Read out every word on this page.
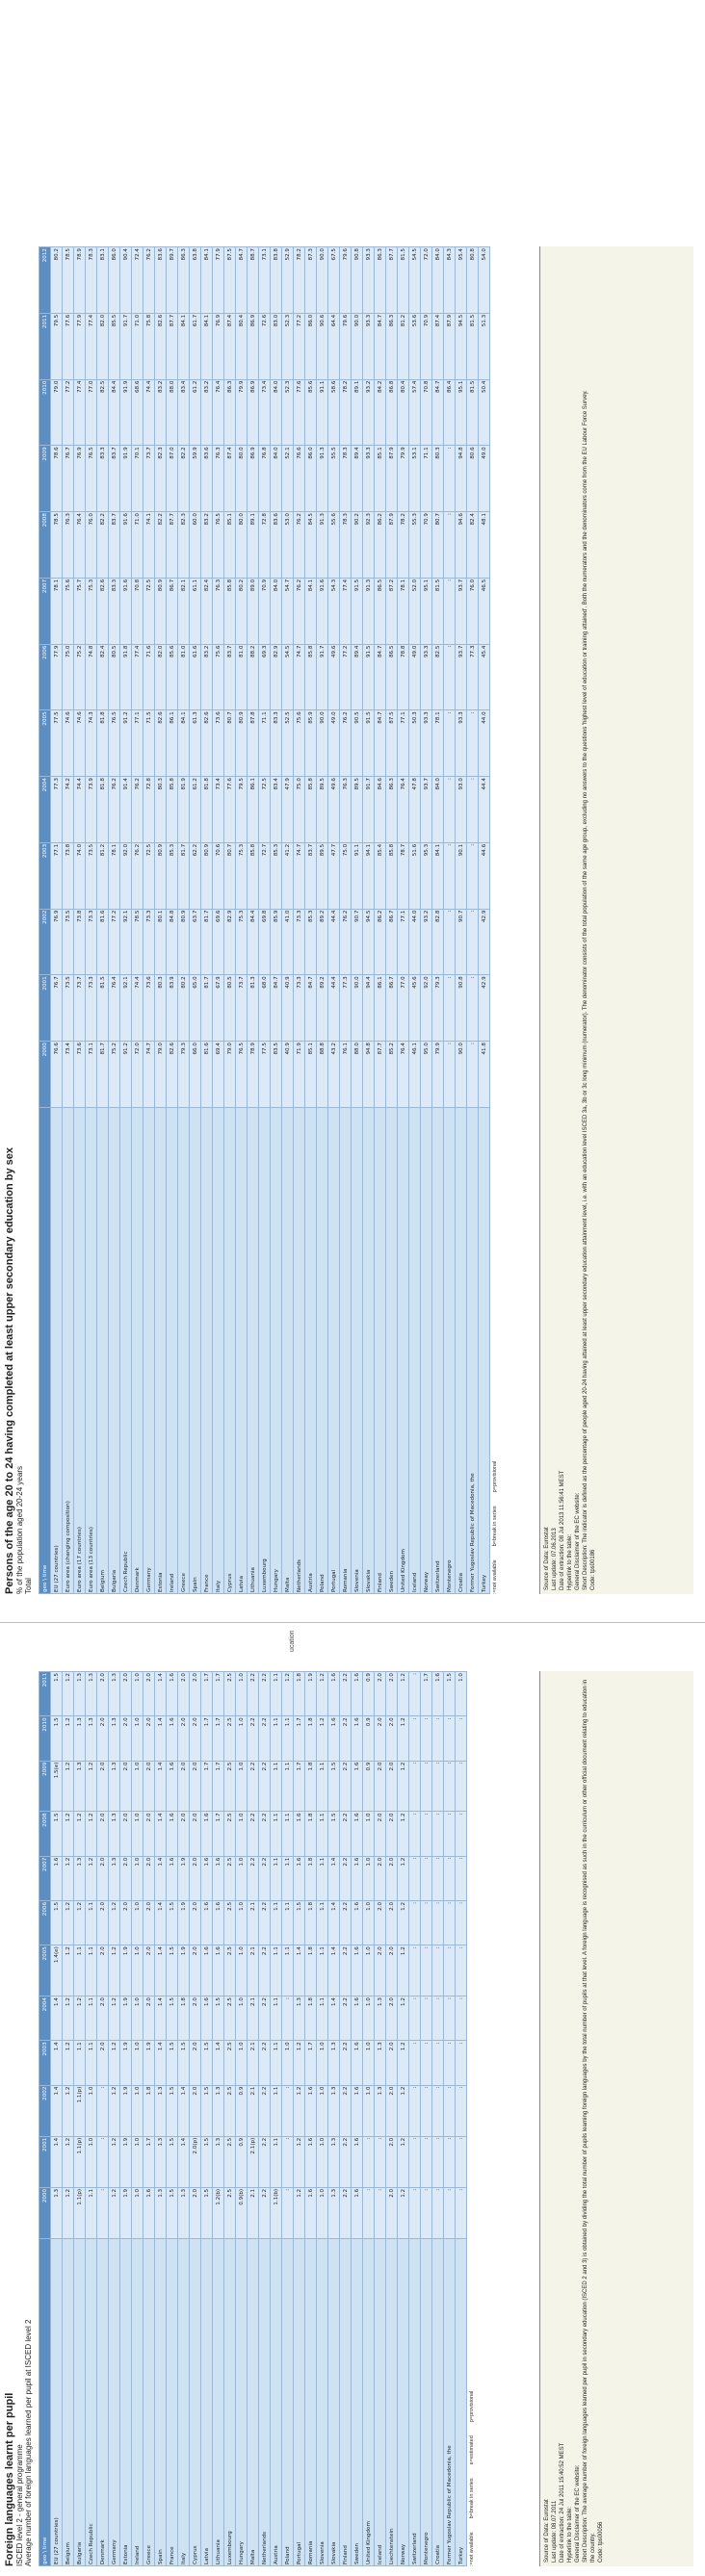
Foreign languages learnt per pupil ISCED level 2 - general programme Average number of foreign languages learned per pupil at ISCED level 2 geo \ time	2000	2001	2002	2003	2004	2005	2006	2007	2008	2009	2010	2011
EU (27 countries)	1.3	1.4	1.4	1.4	1.4	1.4(e)	1.5	1.6	1.5	1.5(e)	1.5	1.5
Belgium	1.2	1.2	1.2	1.2	1.2	1.2	1.2	1.2	1.2	1.2	1.2	1.2
Bulgaria	1.1(p)	1.1(p)	1.1(p)	1.1	1.2	1.1	1.2	1.3	1.2	1.3	1.3	1.3
Czech Republic	1.1	1.0	1.0	1.1	1.1	1.1	1.1	1.2	1.2	1.2	1.3	1.3
Denmark	:	:	:	2.0	2.0	2.0	2.0	2.0	2.0	2.0	2.0	2.0
Germany	1.2	1.2	1.2	1.2	1.2	1.2	1.2	1.3	1.3	1.3	1.3	1.3
Estonia	1.9	1.9	1.9	1.9	1.9	1.9	2.0	2.0	2.0	2.0	2.0	2.0
Ireland	1.0	1.0	1.0	1.0	1.0	1.0	1.0	1.0	1.0	1.0	1.0	1.0
Greece	1.6	1.7	1.8	1.9	2.0	2.0	2.0	2.0	2.0	2.0	2.0	2.0
Spain	1.3	1.3	1.3	1.4	1.4	1.4	1.4	1.4	1.4	1.4	1.4	1.4
France	1.5	1.5	1.5	1.5	1.5	1.5	1.5	1.6	1.6	1.6	1.6	1.6
Italy	1.3	1.4	1.4	1.5	1.8	1.9	1.9	1.9	2.0	2.0	2.0	2.0
Cyprus	2.0	2.0(p)	2.0	2.0	2.0	2.0	2.0	2.0	2.0	2.0	2.0	2.0
Latvia	1.5	1.5	1.5	1.5	1.6	1.6	1.6	1.6	1.6	1.7	1.7	1.7
Lithuania	1.2(b)	1.3	1.3	1.4	1.5	1.6	1.6	1.6	1.7	1.7	1.7	1.7
Luxembourg	2.5	2.5	2.5	2.5	2.5	2.5	2.5	2.5	2.5	2.5	2.5	2.5
Hungary	0.9(b)	0.9	0.9	1.0	1.0	1.0	1.0	1.0	1.0	1.0	1.0	1.0
Malta	2.1	2.1(p)	2.1	2.1	2.1	2.1	2.1	2.2	2.2	2.2	2.2	2.2
Netherlands	2.2	2.2	2.2	2.2	2.2	2.2	2.2	2.2	2.2	2.2	2.2	2.2
Austria	1.1(b)	1.1	1.1	1.1	1.1	1.1	1.1	1.1	1.1	1.1	1.1	1.1
Poland	:	:	:	1.0	:	1.1	1.1	1.1	1.1	1.1	1.1	1.2
Portugal	1.2	1.2	1.2	1.2	1.3	1.4	1.5	1.6	1.6	1.7	1.7	1.8
Romania	1.6	1.6	1.6	1.7	1.8	1.8	1.8	1.8	1.8	1.8	1.8	1.9
Slovenia	1.0	1.0	1.0	1.0	1.1	1.1	1.1	1.1	1.1	1.1	1.2	1.2
Slovakia	1.3	1.3	1.3	1.3	1.4	1.4	1.4	1.4	1.5	1.5	1.6	1.6
Finland	2.2	2.2	2.2	2.2	2.2	2.2	2.2	2.2	2.2	2.2	2.2	2.2
Sweden	1.6	1.6	1.6	1.6	1.6	1.6	1.6	1.6	1.6	1.6	1.6	1.6
United Kingdom	:	:	1.0	1.0	1.0	1.0	1.0	1.0	1.0	0.9	0.9	0.9
Iceland	:	:	1.3	1.3	1.3	2.0	2.0	2.0	2.0	2.0	2.0	2.0
Liechtenstein	2.0	2.0	2.0	2.0	2.0	2.0	2.0	2.0	2.0	2.0	2.0	2.0
Norway	1.2	1.2	1.2	1.2	1.2	1.2	1.2	1.2	1.2	1.2	1.2	1.2
Switzerland	:	:	:	:	:	:	:	:	:	:	:	:
Montenegro	:	:	:	:	:	:	:	:	:	:	:	1.7
Croatia	:	:	:	:	:	:	:	:	:	:	:	1.6
Former Yugoslav Republic of Macedonia, the	:	:	:	:	:	:	:	:	:	:	:	1.5
Turkey	:	:	:	:	:	:	:	:	:	:	:	1.0
:=not availableb=break in seriese=estimatedp=provisional

Source of Data: Eurostat Last update: 08.07.2011 Date of extraction: 24 Jul 2011 15:40:52 MEST Hyperlink to the table: General Disclaimer of the EC website: Short Description: The average number of foreign languages learned per pupil in secondary education (ISCED 2 and 3) is obtained by dividing the total number of pupils learning foreign languages by the total number of pupils at that level. A foreign language is recognised as such in the curriculum or other official document relating to education in the country. Code: tps00056

ucation

Persons of the age 20 to 24 having completed at least upper secondary education by sex % of the population aged 20-24 years Total geo \ time	2000	2001	2002	2003	2004	2005	2006	2007	2008	2009	2010	2011	2012
EU (27 countries)	76.6	76.7	76.9	77.1	77.3	77.5	77.9	78.1	78.5	78.6	79.0	79.5	80.2
Euro area (changing composition)	73.4	73.5	73.5	73.8	74.2	74.6	75.0	75.6	76.3	76.7	77.2	77.6	78.5
Euro area (17 countries)	73.6	73.7	73.8	74.0	74.4	74.6	75.2	75.7	76.4	76.9	77.4	77.9	78.9
Euro area (13 countries)	73.1	73.3	73.3	73.5	73.9	74.3	74.8	75.3	76.0	76.5	77.0	77.4	78.3
Belgium	81.7	81.5	81.6	81.2	81.8	81.8	82.4	82.6	82.2	83.3	82.5	82.0	83.1
Bulgaria	75.2	76.4	77.2	78.1	76.2	76.5	80.5	83.3	83.7	83.7	84.4	85.5	86.0
Czech Republic	91.2	92.1	92.1	92.0	91.4	91.2	91.8	91.6	91.6	91.9	91.9	91.7	90.4
Denmark	72.0	74.4	78.5	76.2	76.2	77.1	77.4	70.8	71.0	70.1	68.6	71.0	72.4
Germany	74.7	73.6	73.3	72.5	72.8	71.5	71.6	72.5	74.1	73.7	74.4	75.8	76.2
Estonia	79.0	80.3	80.1	80.9	80.3	82.6	82.0	80.9	82.2	82.3	83.2	82.6	83.6
Ireland	82.6	83.9	84.8	85.3	85.8	86.1	85.6	86.7	87.7	87.0	88.0	87.7	89.7
Greece	79.3	80.2	80.9	81.7	81.9	84.1	81.0	82.1	82.3	82.2	83.4	84.1	86.3
Spain	66.0	65.0	63.7	62.2	61.2	61.3	61.6	61.1	60.0	59.9	61.2	61.7	63.8
France	81.6	81.7	81.7	80.9	81.8	82.6	83.2	82.4	83.2	83.6	83.2	84.1	84.1
Italy	69.4	67.9	69.6	70.6	73.4	73.6	75.6	76.3	76.5	76.3	76.4	76.9	77.9
Cyprus	79.0	80.5	82.9	80.7	77.6	80.7	83.7	85.8	85.1	87.4	86.3	87.4	87.5
Latvia	76.5	73.7	75.3	75.3	79.5	80.9	81.0	80.2	80.0	80.0	79.9	80.4	84.7
Lithuania	78.9	81.3	84.4	85.8	86.1	87.8	88.2	89.0	89.1	86.9	86.9	86.9	88.7
Luxembourg	77.5	68.0	69.8	72.7	72.5	71.1	69.3	70.9	72.8	76.8	73.4	72.6	73.1
Hungary	83.5	84.7	85.9	85.3	83.4	83.3	82.9	84.0	83.6	84.0	84.0	83.0	83.8
Malta	40.9	40.9	41.0	41.2	47.9	52.5	54.5	54.7	53.0	52.1	52.3	52.3	52.9
Netherlands	71.9	73.3	73.3	74.7	75.0	75.6	74.7	76.2	76.2	76.6	77.6	77.2	78.2
Austria	85.1	84.7	85.3	83.7	85.8	85.9	85.8	84.1	84.5	86.0	85.6	86.0	87.3
Poland	88.8	89.2	89.2	89.5	89.5	90.0	91.7	91.6	91.3	91.3	91.1	90.6	90.0
Portugal	43.2	44.4	44.4	47.7	49.6	49.0	49.6	54.3	55.6	55.5	58.6	64.4	67.5
Romania	76.1	77.3	76.2	75.0	76.3	76.2	77.2	77.4	78.3	78.3	78.2	79.6	79.6
Slovenia	88.0	90.0	90.7	91.1	89.5	90.5	89.4	91.5	90.2	89.4	89.1	90.0	90.8
Slovakia	94.8	94.4	94.5	94.1	91.7	91.5	91.5	91.3	92.3	93.3	93.2	93.3	93.3
Finland	87.7	86.1	86.2	85.4	84.6	84.7	84.7	86.5	86.2	85.1	84.2	84.7	86.3
Sweden	85.2	86.7	86.7	85.8	86.3	87.5	86.5	87.2	87.9	87.9	86.8	86.3	87.7
United Kingdom	76.4	77.0	77.1	78.7	76.4	77.1	78.8	78.1	78.2	79.9	80.4	81.2	81.5
Iceland	46.1	45.6	44.0	51.6	47.8	50.3	49.0	52.0	55.3	53.1	57.4	53.6	54.5
Norway	95.0	92.0	93.2	95.3	93.7	93.3	93.3	95.1	70.9	71.1	70.8	70.9	72.0
Switzerland	79.9	79.3	82.8	84.1	84.0	78.1	82.5	81.5	80.7	80.3	84.7	87.4	84.0
Montenegro	:	:	:	:	:	:	:	:	:	:	86.4	87.9	84.3
Croatia	90.0	90.8	90.7	90.1	93.0	93.3	93.7	93.7	94.6	94.8	95.1	94.5	95.4
Former Yugoslav Republic of Macedonia, the	:	:	:	:	:	:	77.3	76.0	82.4	80.6	81.5	81.5	80.8
Turkey	41.8	42.9	42.9	44.6	44.4	44.0	45.4	46.5	48.1	49.0	50.4	51.3	54.0
:=not availableb=break in seriesp=provisional

Source of Data: Eurostat Last update: 07.06.2013 Date of extraction: 08 Jul 2013 11:56:41 MEST Hyperlink to the table: General Disclaimer of the EC website: Short Description: The indicator is defined as the percentage of people aged 20-24 having attained at least upper secondary education attainment level, i.e. with an education level ISCED 3a, 3b or 3c long minimum (numerator). The denominator consists of the total population of the same age group, excluding no answers to the questions 'highest level of education or training attained'. Both the numerators and the denominators come from the EU Labour Force Survey. Code: tps00186
